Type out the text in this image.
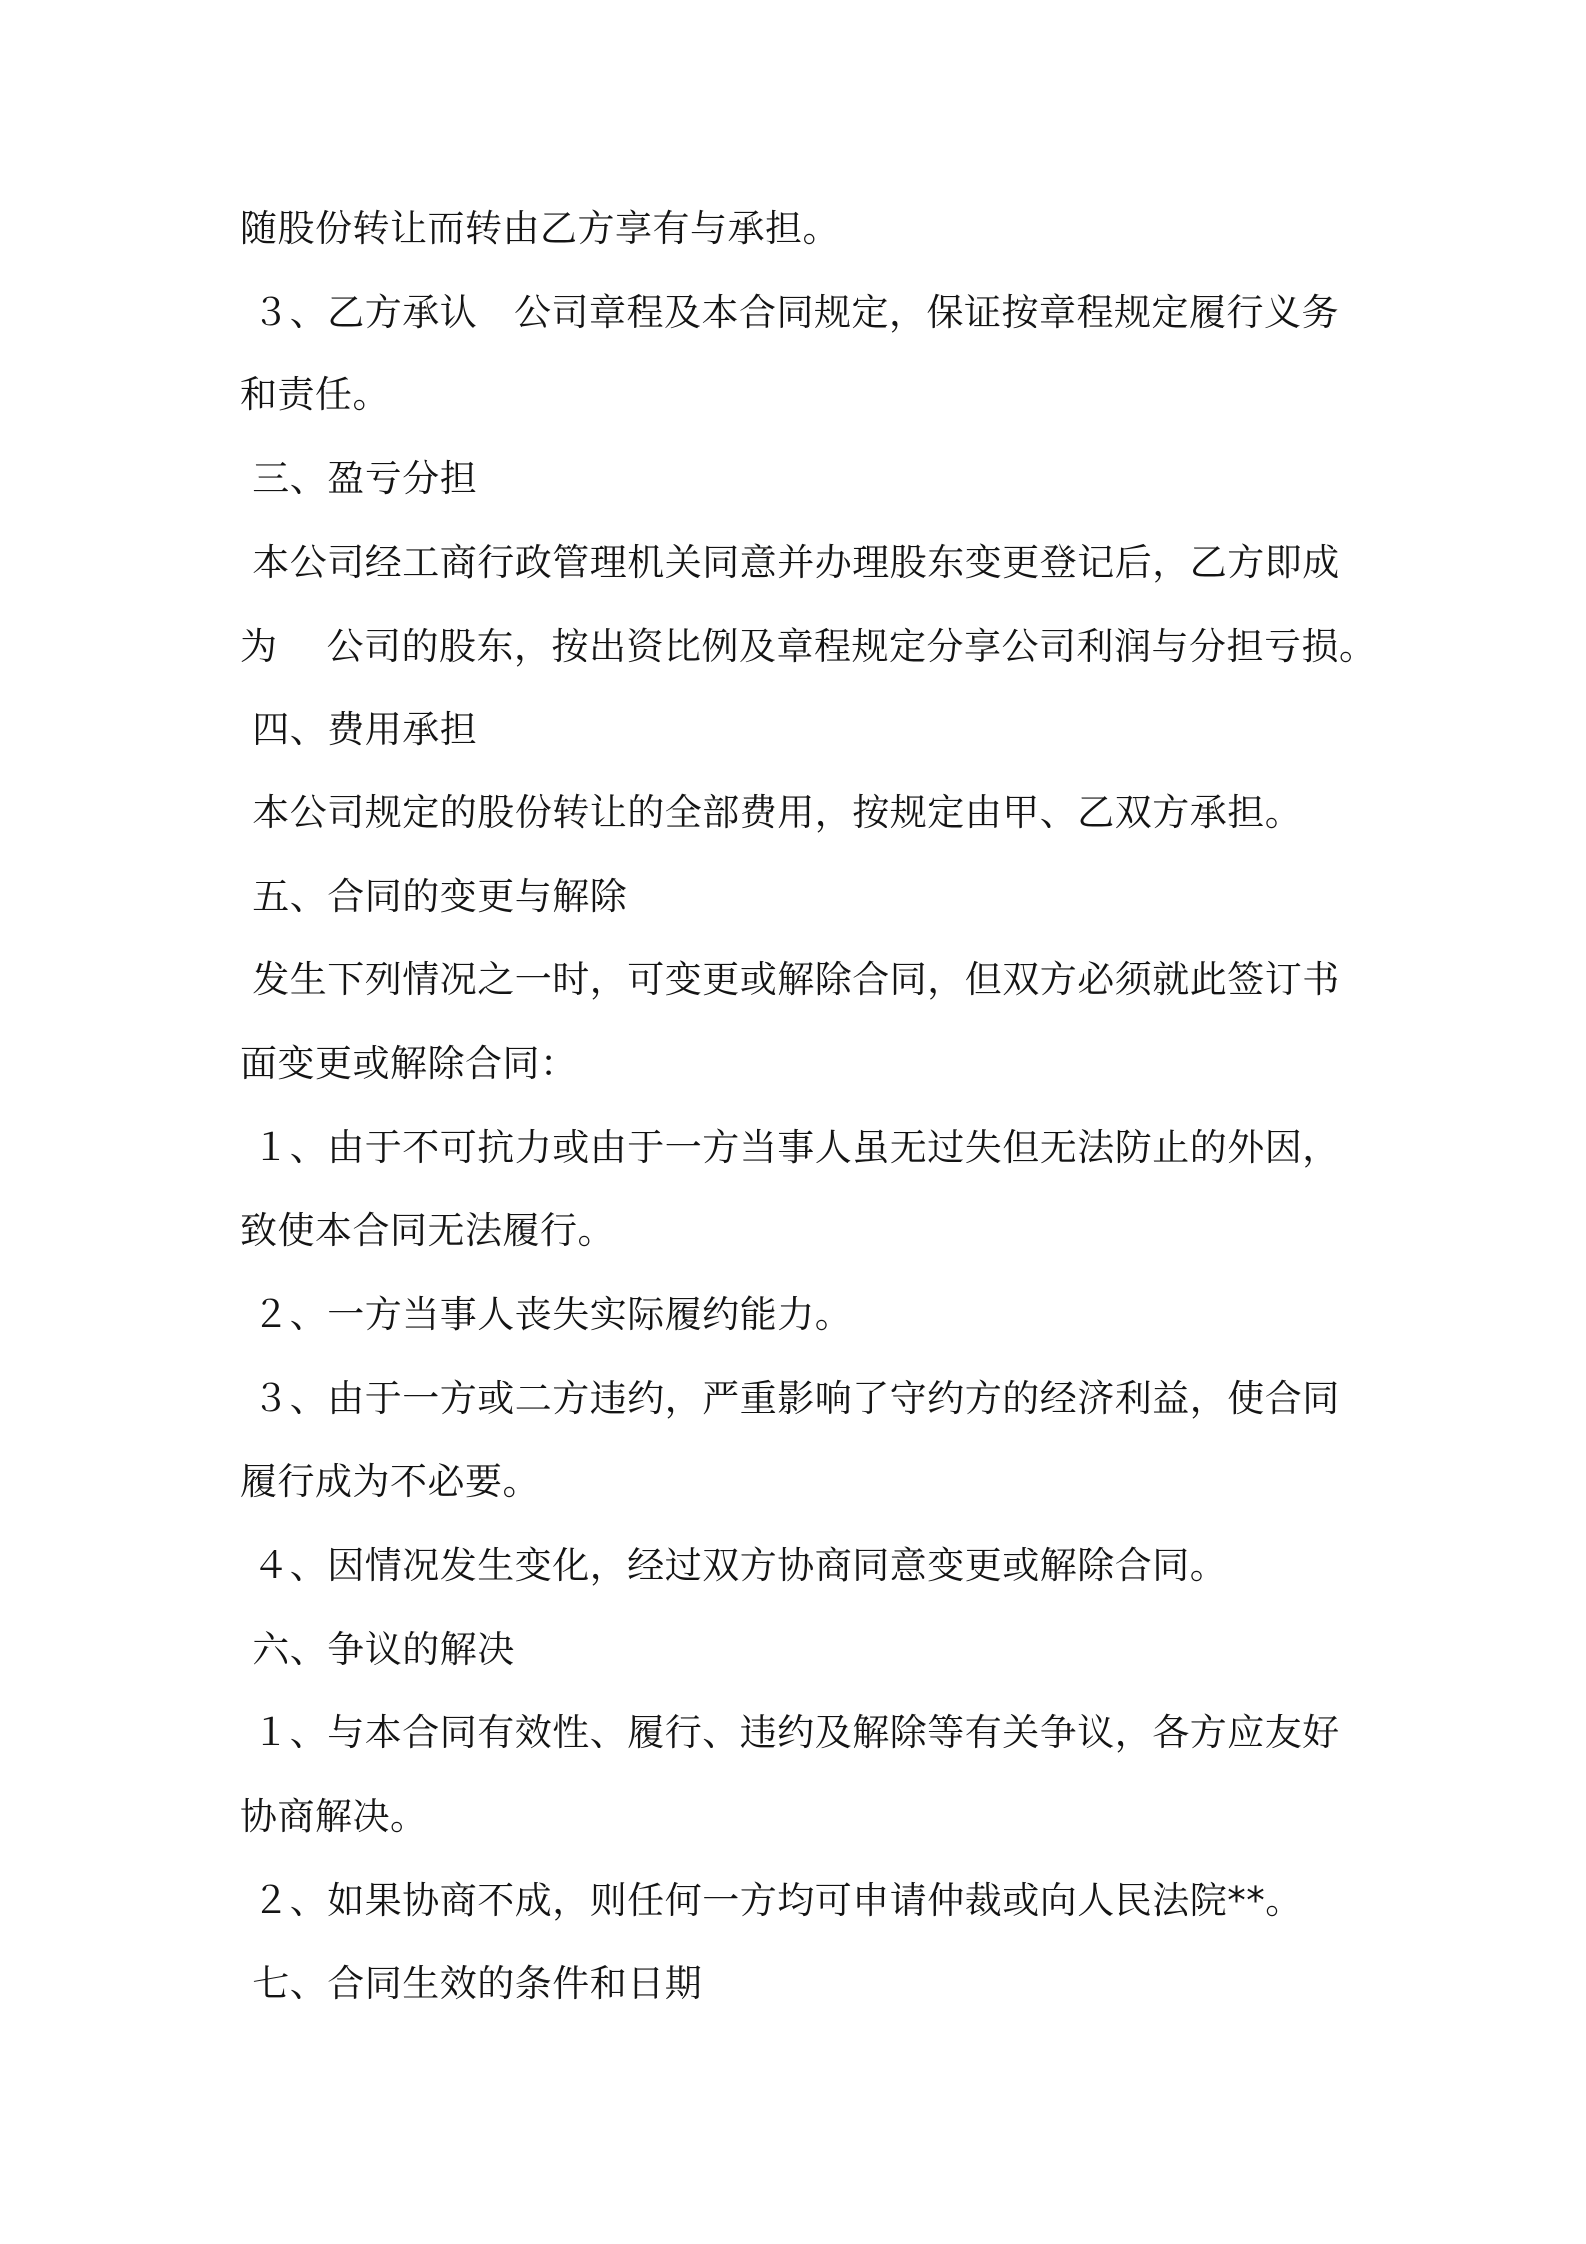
随股份转让而转由乙方享有与承担。

３、乙方承认   公司章程及本合同规定，保证按章程规定履行义务

和责任。

三、盈亏分担

本公司经工商行政管理机关同意并办理股东变更登记后，乙方即成

为    公司的股东，按出资比例及章程规定分享公司利润与分担亏损。

四、费用承担

本公司规定的股份转让的全部费用，按规定由甲、乙双方承担。

五、合同的变更与解除

发生下列情况之一时，可变更或解除合同，但双方必须就此签订书

面变更或解除合同：

１、由于不可抗力或由于一方当事人虽无过失但无法防止的外因，

致使本合同无法履行。

２、一方当事人丧失实际履约能力。

３、由于一方或二方违约，严重影响了守约方的经济利益，使合同

履行成为不必要。

４、因情况发生变化，经过双方协商同意变更或解除合同。

六、争议的解决

１、与本合同有效性、履行、违约及解除等有关争议，各方应友好

协商解决。

２、如果协商不成，则任何一方均可申请仲裁或向人民法院**。

七、合同生效的条件和日期
